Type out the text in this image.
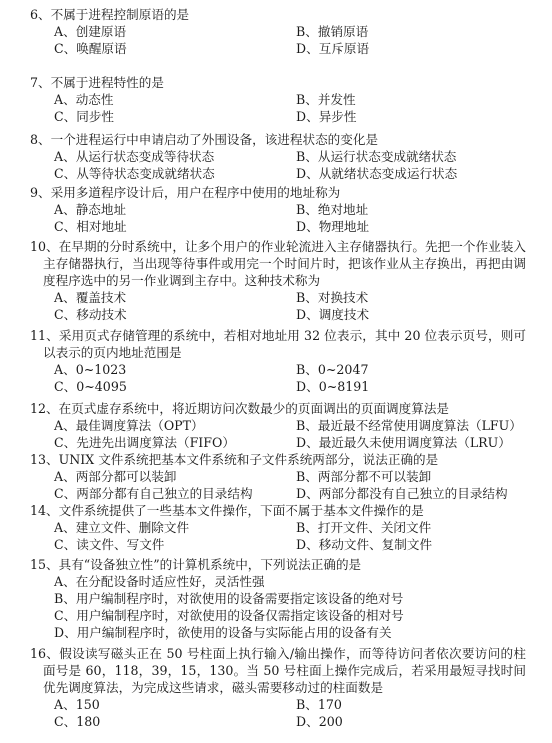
6、不属于进程控制原语的是
A、创建原语	B、撤销原语
C、唤醒原语	D、互斥原语
7、不属于进程特性的是
A、动态性	B、并发性
C、同步性	D、异步性
8、一个进程运行中申请启动了外围设备，该进程状态的变化是
A、从运行状态变成等待状态	B、从运行状态变成就绪状态
C、从等待状态变成就绪状态	D、从就绪状态变成运行状态
9、采用多道程序设计后，用户在程序中使用的地址称为
A、静态地址	B、绝对地址
C、相对地址	D、物理地址
10、在早期的分时系统中，让多个用户的作业轮流进入主存储器执行。先把一个作业装入主存储器执行，当出现等待事件或用完一个时间片时，把该作业从主存换出，再把由调度程序选中的另一作业调到主存中。这种技术称为
A、覆盖技术	B、对换技术
C、移动技术	D、调度技术
11、采用页式存储管理的系统中，若相对地址用 32 位表示，其中 20 位表示页号，则可以表示的页内地址范围是
A、0~1023	B、0~2047
C、0~4095	D、0~8191
12、在页式虚存系统中，将近期访问次数最少的页面调出的页面调度算法是
A、最佳调度算法（OPT）	B、最近最不经常使用调度算法（LFU）
C、先进先出调度算法（FIFO）	D、最近最久未使用调度算法（LRU）
13、UNIX 文件系统把基本文件系统和子文件系统两部分，说法正确的是
A、两部分都可以装卸	B、两部分都不可以装卸
C、两部分都有自己独立的目录结构	D、两部分都没有自己独立的目录结构
14、文件系统提供了一些基本文件操作，下面不属于基本文件操作的是
A、建立文件、删除文件	B、打开文件、关闭文件
C、读文件、写文件	D、移动文件、复制文件
15、具有“设备独立性”的计算机系统中，下列说法正确的是
A、在分配设备时适应性好，灵活性强
B、用户编制程序时，对欲使用的设备需要指定该设备的绝对号
C、用户编制程序时，对欲使用的设备仅需指定该设备的相对号
D、用户编制程序时，欲使用的设备与实际能占用的设备有关
16、假设读写磁头正在 50 号柱面上执行输入/输出操作，而等待访问者依次要访问的柱面号是 60，118，39，15，130。当 50 号柱面上操作完成后，若采用最短寻找时间优先调度算法，为完成这些请求，磁头需要移动过的柱面数是
A、150	B、170
C、180	D、200
